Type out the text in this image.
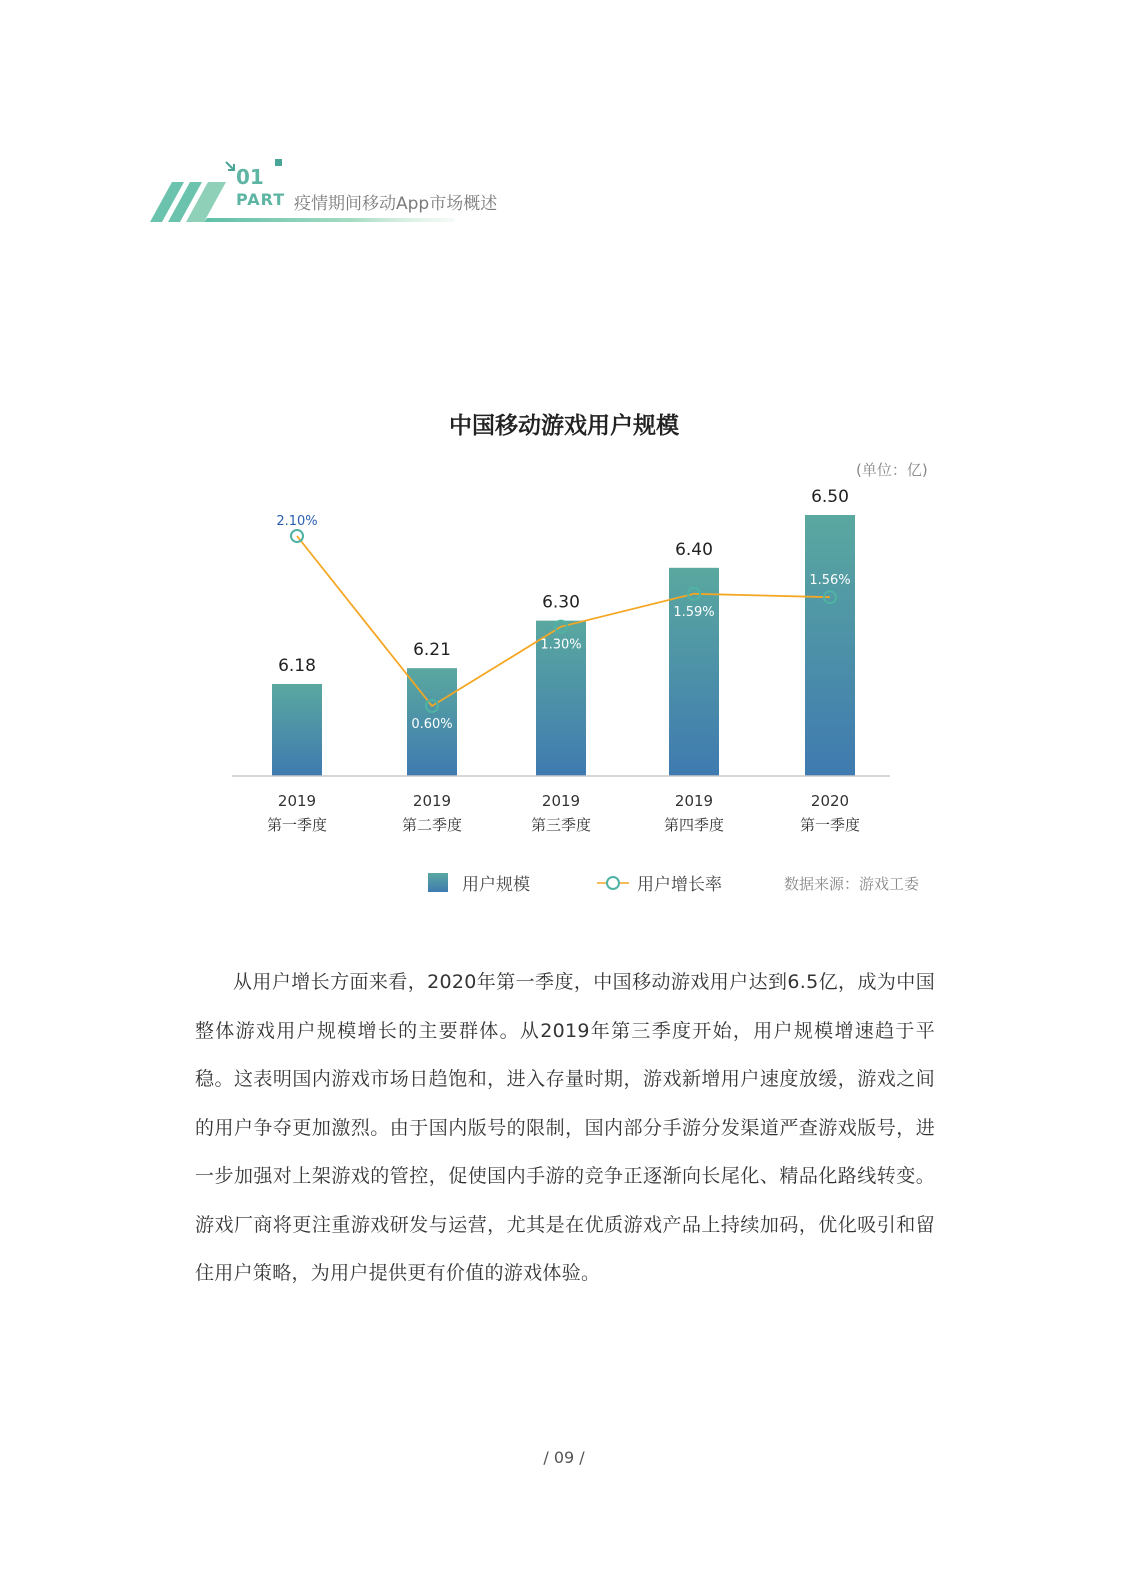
01
PART 疫情期间移动App市场概述
中国移动游戏用户规模
(单位：亿)
6.18
6.21
6.30
6.40
6.50
2019
第一季度
2019
第二季度
2019
第三季度
2019
第四季度
2020
第一季度
2.10%
0.60%
1.30%
1.59%
1.56%
用户规模	用户增长率	数据来源：游戏工委
从用户增长方面来看，2020年第一季度，中国移动游戏用户达到6.5亿，成为中国整体游戏用户规模增长的主要群体。从2019年第三季度开始，用户规模增速趋于平稳。这表明国内游戏市场日趋饱和，进入存量时期，游戏新增用户速度放缓，游戏之间的用户争夺更加激烈。由于国内版号的限制，国内部分手游分发渠道严查游戏版号，进一步加强对上架游戏的管控，促使国内手游的竞争正逐渐向长尾化、精品化路线转变。游戏厂商将更注重游戏研发与运营，尤其是在优质游戏产品上持续加码，优化吸引和留住用户策略，为用户提供更有价值的游戏体验。
/ 09 /
